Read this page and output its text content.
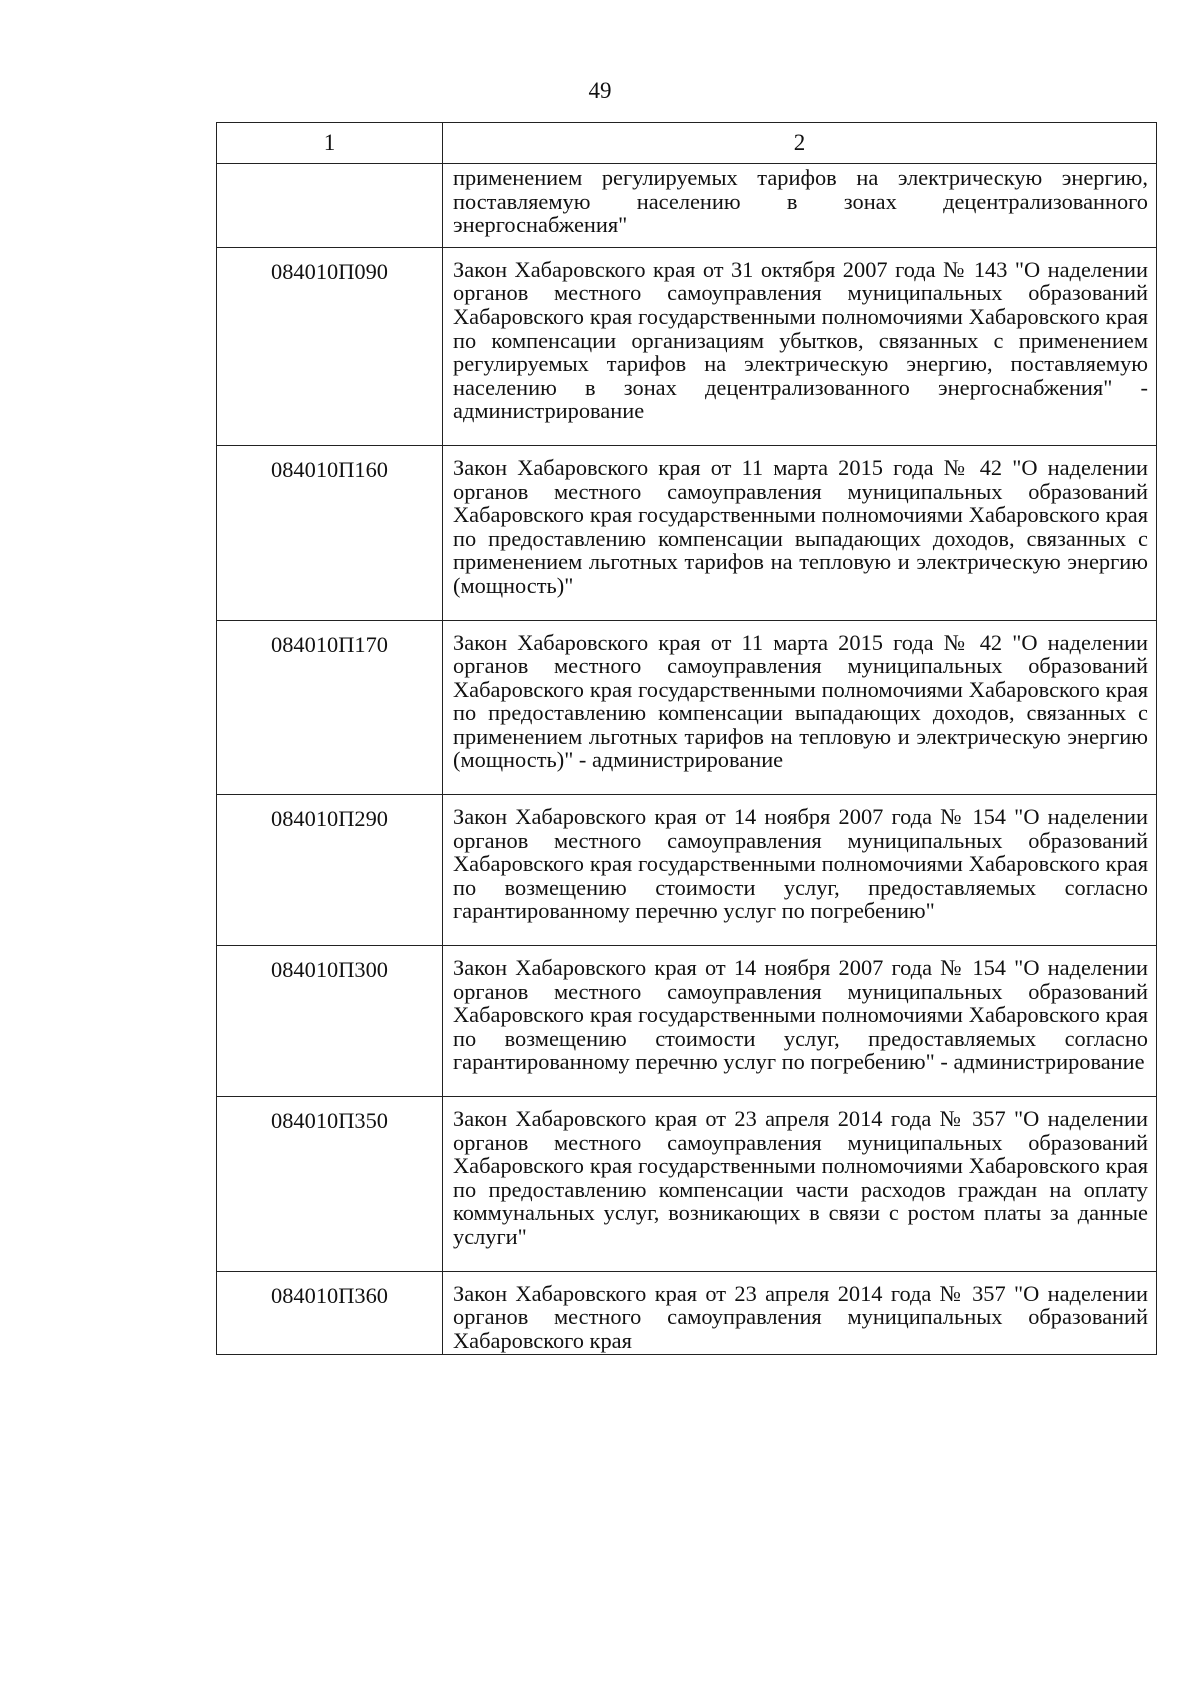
49
1	2
	применением регулируемых тарифов на электрическую энергию, поставляемую населению в зонах децентрализованного энергоснабжения"
084010П090	Закон Хабаровского края от 31 октября 2007 года № 143 "О наделении органов местного самоуправления муниципальных образований Хабаровского края государственными полномочиями Хабаровского края по компенсации организациям убытков, связанных с применением регулируемых тарифов на электрическую энергию, поставляемую населению в зонах децентрализованного энергоснабжения" - администрирование
084010П160	Закон Хабаровского края от 11 марта 2015 года № 42 "О наделении органов местного самоуправления муниципальных образований Хабаровского края государственными полномочиями Хабаровского края по предоставлению компенсации выпадающих доходов, связанных с применением льготных тарифов на тепловую и электрическую энергию (мощность)"
084010П170	Закон Хабаровского края от 11 марта 2015 года № 42 "О наделении органов местного самоуправления муниципальных образований Хабаровского края государственными полномочиями Хабаровского края по предоставлению компенсации выпадающих доходов, связанных с применением льготных тарифов на тепловую и электрическую энергию (мощность)" - администрирование
084010П290	Закон Хабаровского края от 14 ноября 2007 года № 154 "О наделении органов местного самоуправления муниципальных образований Хабаровского края государственными полномочиями Хабаровского края по возмещению стоимости услуг, предоставляемых согласно гарантированному перечню услуг по погребению"
084010П300	Закон Хабаровского края от 14 ноября 2007 года № 154 "О наделении органов местного самоуправления муниципальных образований Хабаровского края государственными полномочиями Хабаровского края по возмещению стоимости услуг, предоставляемых согласно гарантированному перечню услуг по погребению" - администрирование
084010П350	Закон Хабаровского края от 23 апреля 2014 года № 357 "О наделении органов местного самоуправления муниципальных образований Хабаровского края государственными полномочиями Хабаровского края по предоставлению компенсации части расходов граждан на оплату коммунальных услуг, возникающих в связи с ростом платы за данные услуги"
084010П360	Закон Хабаровского края от 23 апреля 2014 года № 357 "О наделении органов местного самоуправления муниципальных образований Хабаровского края
